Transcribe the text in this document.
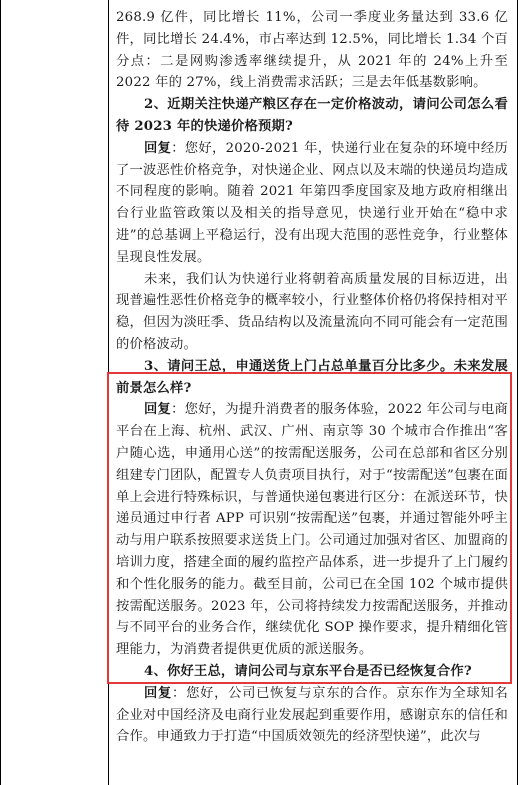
268.9 亿件，同比增长 11%，公司一季度业务量达到 33.6 亿件，同比增长 24.4%，市占率达到 12.5%，同比增长 1.34 个百分点：二是网购渗透率继续提升，从 2021 年的 24%上升至 2022 年的 27%，线上消费需求活跃；三是去年低基数影响。

2、近期关注快递产粮区存在一定价格波动，请问公司怎么看待 2023 年的快递价格预期?

回复：您好，2020-2021 年，快递行业在复杂的环境中经历了一波恶性价格竞争，对快递企业、网点以及末端的快递员均造成不同程度的影响。随着 2021 年第四季度国家及地方政府相继出台行业监管政策以及相关的指导意见，快递行业开始在“稳中求进”的总基调上平稳运行，没有出现大范围的恶性竞争，行业整体呈现良性发展。

未来，我们认为快递行业将朝着高质量发展的目标迈进，出现普遍性恶性价格竞争的概率较小，行业整体价格仍将保持相对平稳，但因为淡旺季、货品结构以及流量流向不同可能会有一定范围的价格波动。

3、请问王总，申通送货上门占总单量百分比多少。未来发展前景怎么样?

回复：您好，为提升消费者的服务体验，2022 年公司与电商平台在上海、杭州、武汉、广州、南京等 30 个城市合作推出“客户随心选，申通用心送”的按需配送服务，公司在总部和省区分别组建专门团队，配置专人负责项目执行，对于“按需配送”包裹在面单上会进行特殊标识，与普通快递包裹进行区分：在派送环节，快递员通过申行者 APP 可识别“按需配送”包裹，并通过智能外呼主动与用户联系按照要求送货上门。公司通过加强对省区、加盟商的培训力度，搭建全面的履约监控产品体系，进一步提升了上门履约和个性化服务的能力。截至目前，公司已在全国 102 个城市提供按需配送服务。2023 年，公司将持续发力按需配送服务，并推动与不同平台的业务合作，继续优化 SOP 操作要求，提升精细化管理能力，为消费者提供更优质的派送服务。

4、你好王总，请问公司与京东平台是否已经恢复合作?

回复：您好，公司已恢复与京东的合作。京东作为全球知名企业对中国经济及电商行业发展起到重要作用，感谢京东的信任和合作。申通致力于打造“中国质效领先的经济型快递”，此次与
